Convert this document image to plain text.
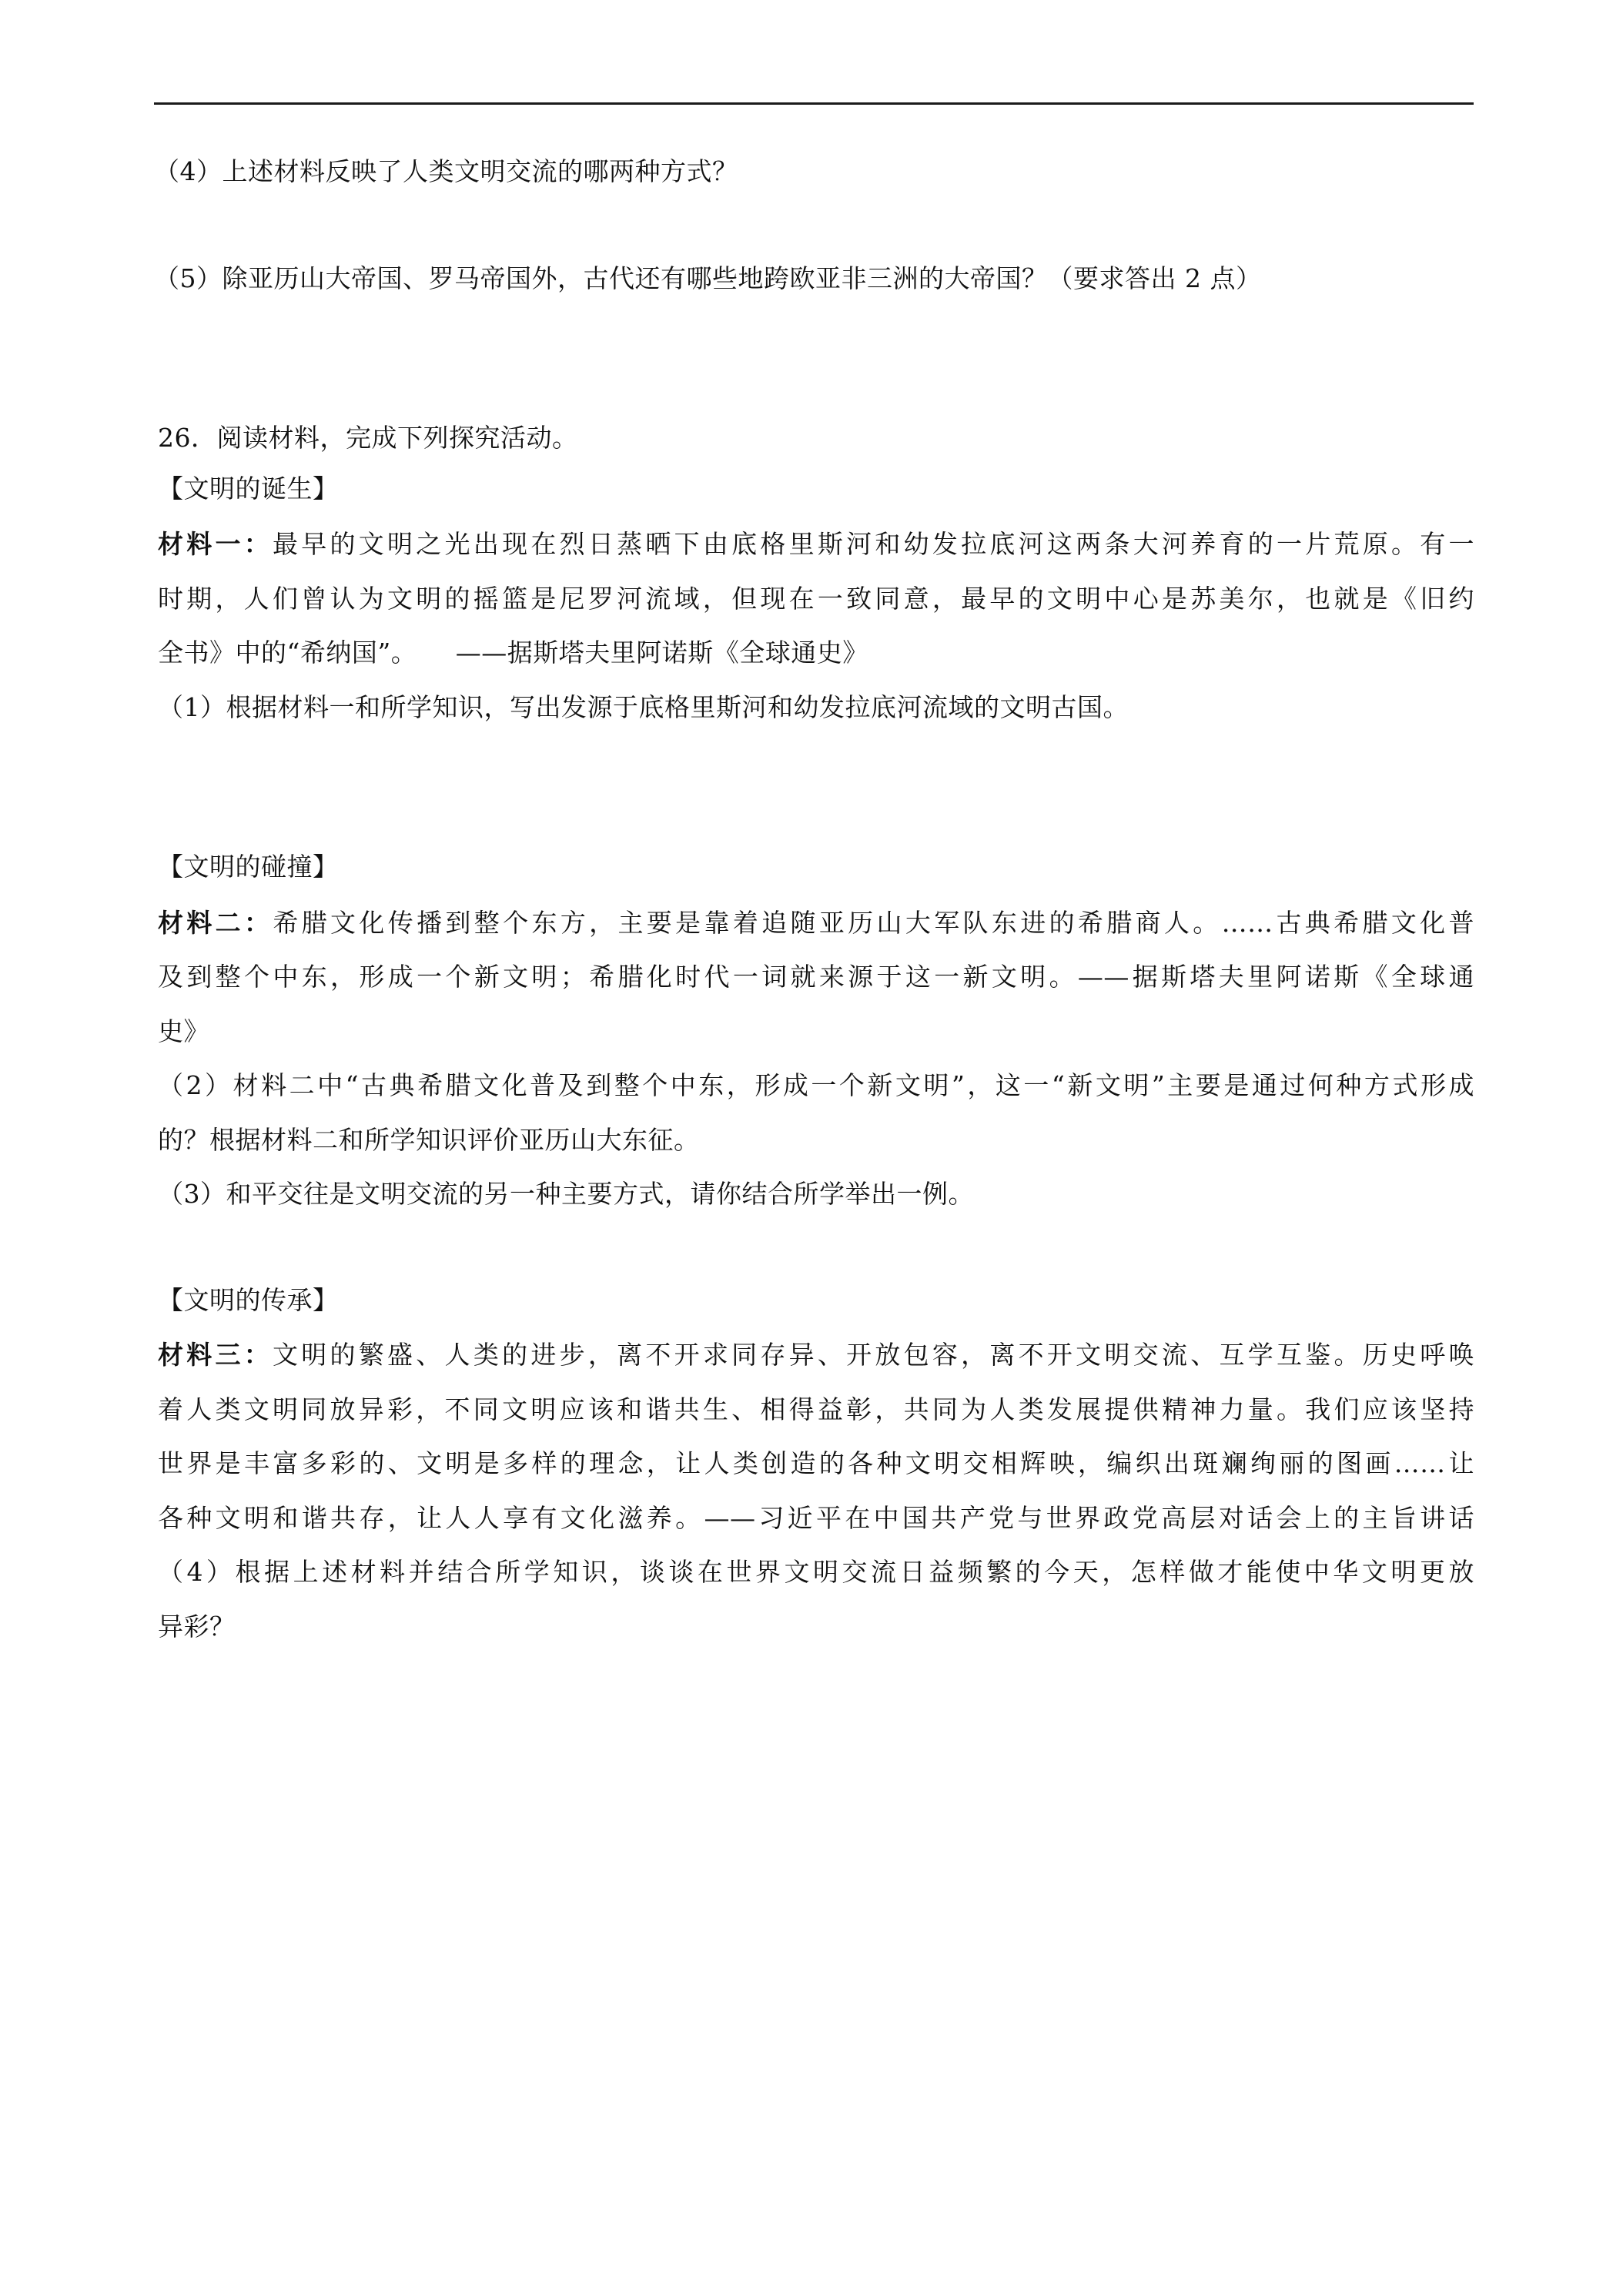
（4）上述材料反映了人类文明交流的哪两种方式？
（5）除亚历山大帝国、罗马帝国外，古代还有哪些地跨欧亚非三洲的大帝国？（要求答出 2 点）
26．阅读材料，完成下列探究活动。
【文明的诞生】
材料一：最早的文明之光出现在烈日蒸晒下由底格里斯河和幼发拉底河这两条大河养育的一片荒原。有一
时期，人们曾认为文明的摇篮是尼罗河流域，但现在一致同意，最早的文明中心是苏美尔，也就是《旧约
全书》中的“希纳国”。　　——据斯塔夫里阿诺斯《全球通史》
（1）根据材料一和所学知识，写出发源于底格里斯河和幼发拉底河流域的文明古国。
【文明的碰撞】
材料二：希腊文化传播到整个东方，主要是靠着追随亚历山大军队东进的希腊商人。……古典希腊文化普
及到整个中东，形成一个新文明；希腊化时代一词就来源于这一新文明。——据斯塔夫里阿诺斯《全球通
史》
（2）材料二中“古典希腊文化普及到整个中东，形成一个新文明”，这一“新文明”主要是通过何种方式形成
的？根据材料二和所学知识评价亚历山大东征。
（3）和平交往是文明交流的另一种主要方式，请你结合所学举出一例。
【文明的传承】
材料三：文明的繁盛、人类的进步，离不开求同存异、开放包容，离不开文明交流、互学互鉴。历史呼唤
着人类文明同放异彩，不同文明应该和谐共生、相得益彰，共同为人类发展提供精神力量。我们应该坚持
世界是丰富多彩的、文明是多样的理念，让人类创造的各种文明交相辉映，编织出斑斓绚丽的图画……让
各种文明和谐共存，让人人享有文化滋养。——习近平在中国共产党与世界政党高层对话会上的主旨讲话
（4）根据上述材料并结合所学知识，谈谈在世界文明交流日益频繁的今天，怎样做才能使中华文明更放
异彩？
